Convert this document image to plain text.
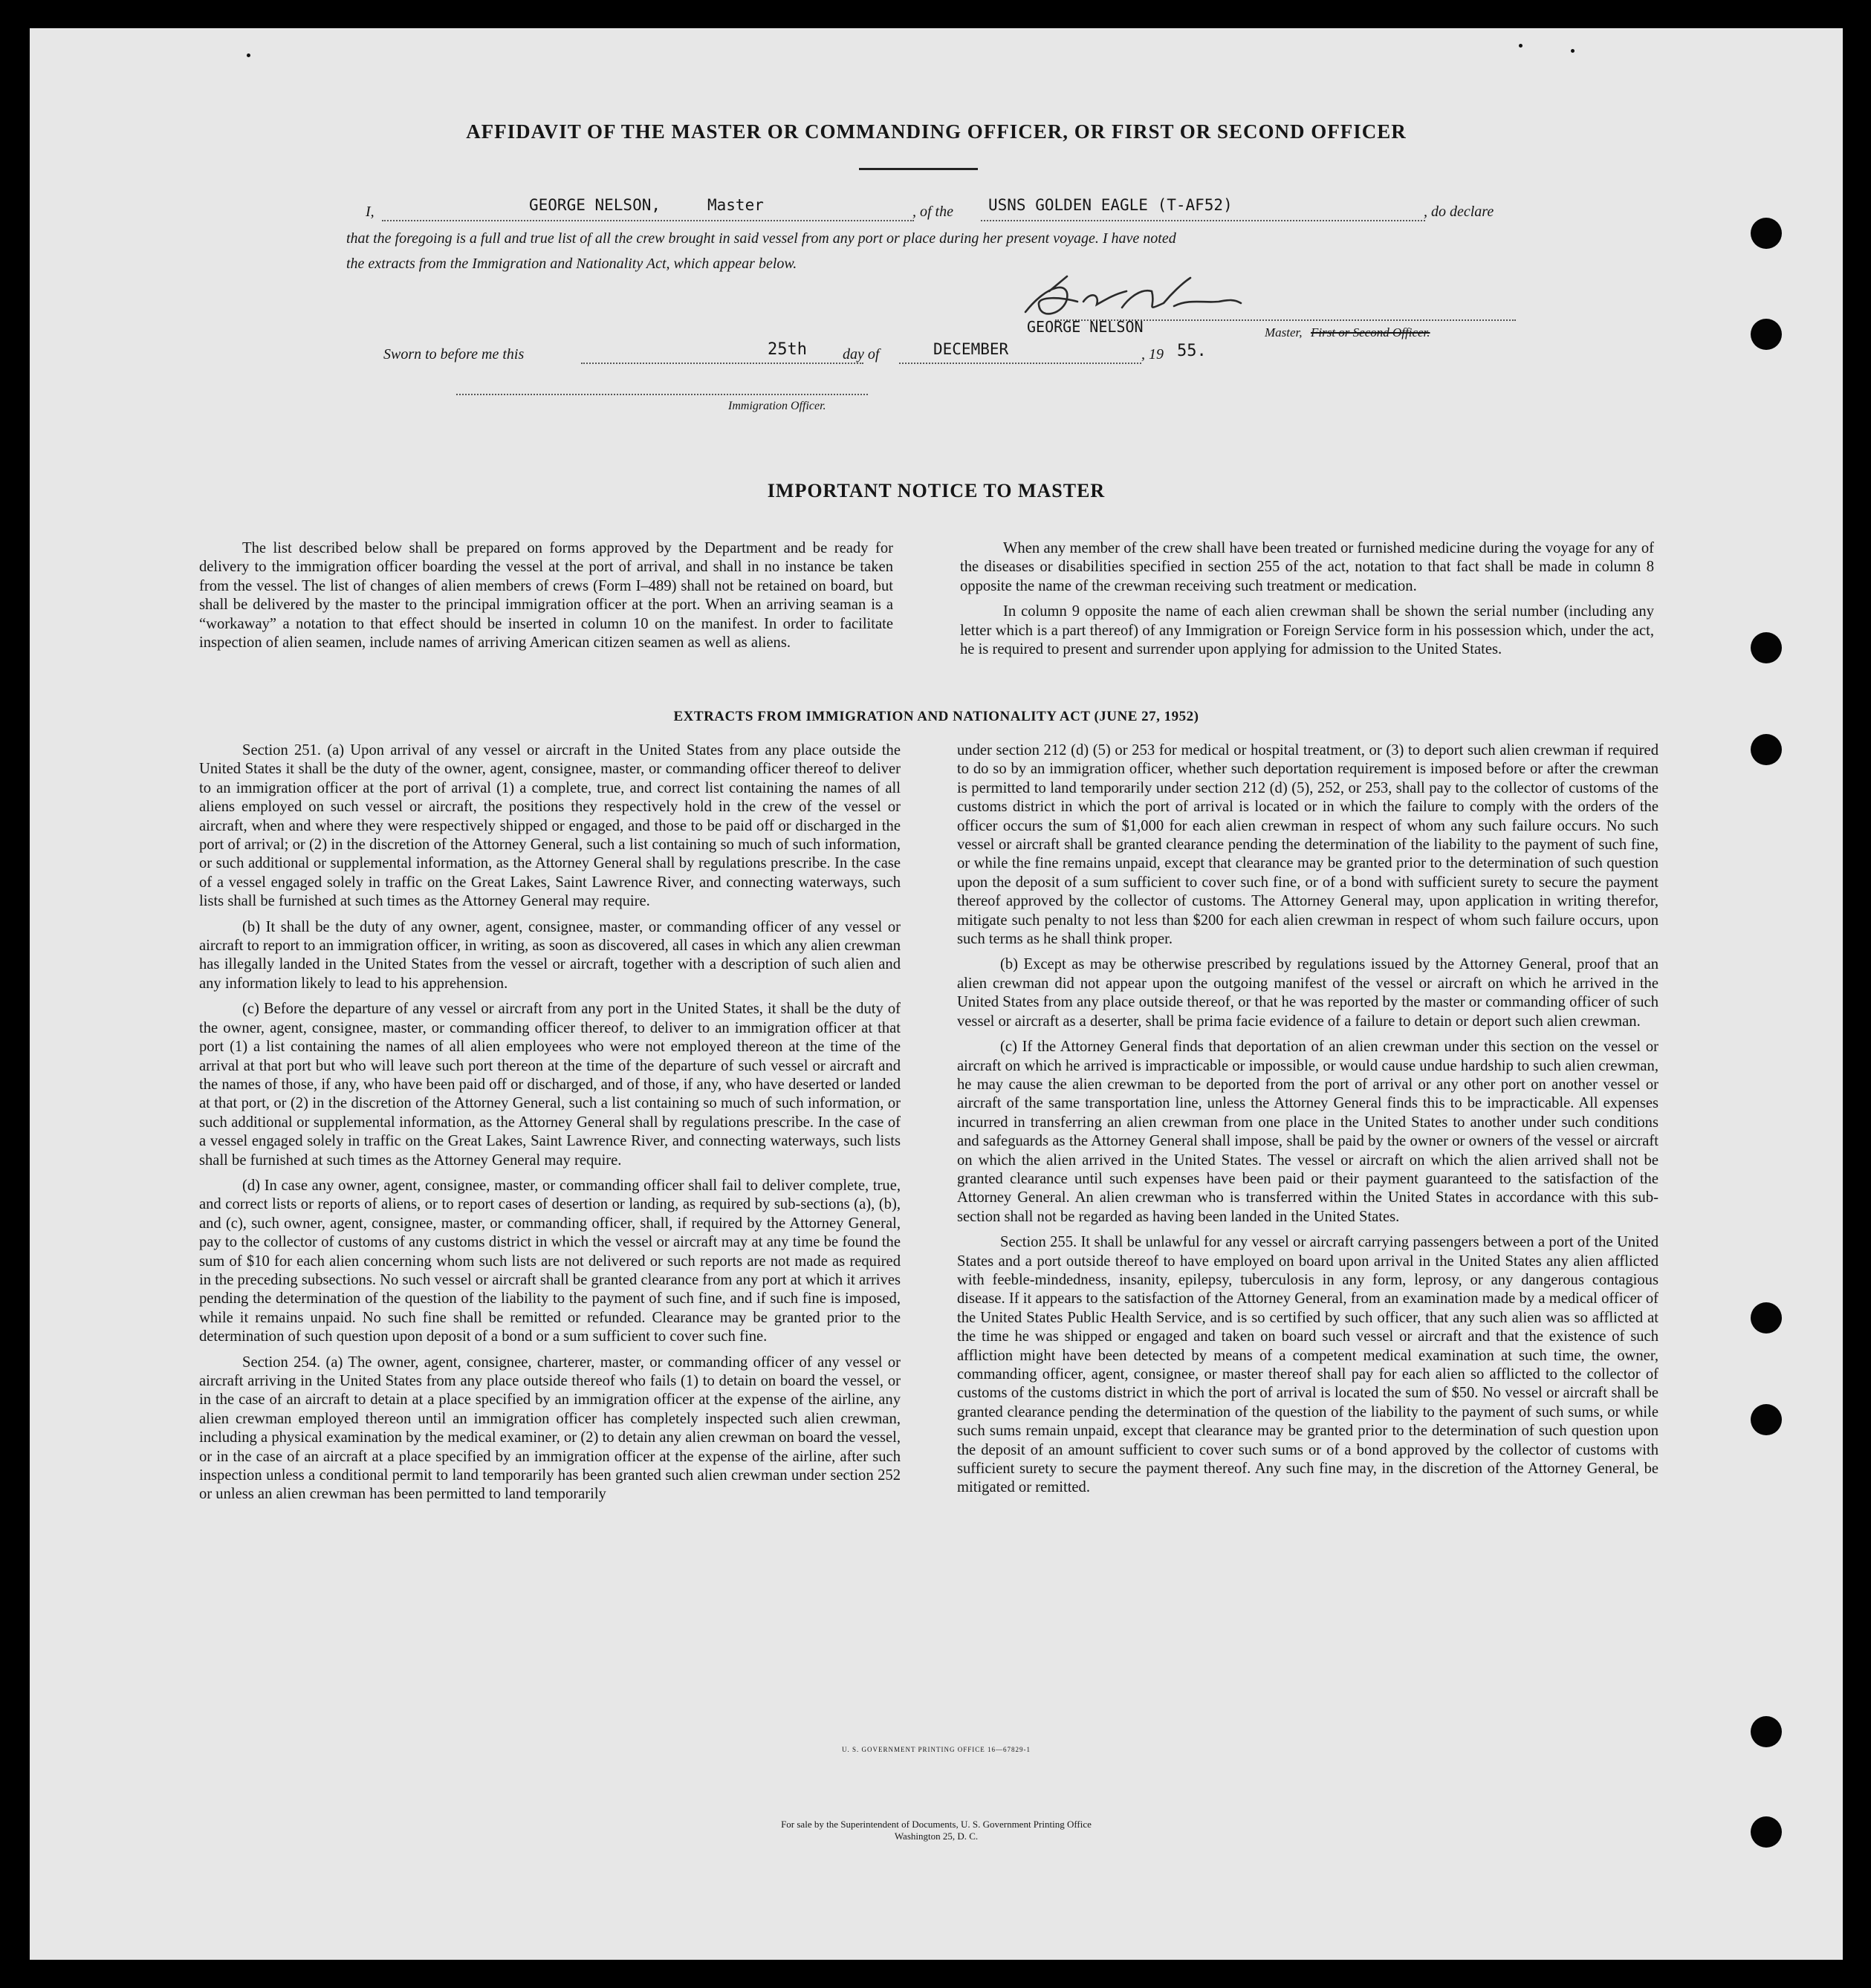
AFFIDAVIT OF THE MASTER OR COMMANDING OFFICER, OR FIRST OR SECOND OFFICER
I,	GEORGE NELSON,	Master	, of the USNS GOLDEN EAGLE (T-AF52)	, do declare
that the foregoing is a full and true list of all the crew brought in said vessel from any port or place during her present voyage. I have noted
the extracts from the Immigration and Nationality Act, which appear below.
GEORGE NELSON	Master, First or Second Officer.
Sworn to before me this	25th day of	DECEMBER	, 19 55.
Immigration Officer.
IMPORTANT NOTICE TO MASTER

The list described below shall be prepared on forms approved by the Department and be ready for delivery to the immigration officer boarding the vessel at the port of arrival, and shall in no instance be taken from the vessel. The list of changes of alien members of crews (Form I–489) shall not be retained on board, but shall be delivered by the master to the principal immigration officer at the port. When an arriving seaman is a “workaway” a notation to that effect should be inserted in column 10 on the manifest. In order to facilitate inspection of alien seamen, include names of arriving American citizen seamen as well as aliens.

When any member of the crew shall have been treated or furnished medicine during the voyage for any of the diseases or disabilities specified in section 255 of the act, notation to that fact shall be made in column 8 opposite the name of the crewman receiving such treatment or medication.

In column 9 opposite the name of each alien crewman shall be shown the serial number (including any letter which is a part thereof) of any Immigration or Foreign Service form in his possession which, under the act, he is required to present and surrender upon applying for admission to the United States.

EXTRACTS FROM IMMIGRATION AND NATIONALITY ACT (JUNE 27, 1952)

Section 251. (a) Upon arrival of any vessel or aircraft in the United States from any place outside the United States it shall be the duty of the owner, agent, consignee, master, or commanding officer thereof to deliver to an immigration officer at the port of arrival (1) a complete, true, and correct list containing the names of all aliens employed on such vessel or aircraft, the positions they respectively hold in the crew of the vessel or aircraft, when and where they were respectively shipped or engaged, and those to be paid off or discharged in the port of arrival; or (2) in the discretion of the Attorney General, such a list containing so much of such information, or such additional or supplemental information, as the Attorney General shall by regulations prescribe. In the case of a vessel engaged solely in traffic on the Great Lakes, Saint Lawrence River, and connecting waterways, such lists shall be furnished at such times as the Attorney General may require.

(b) It shall be the duty of any owner, agent, consignee, master, or commanding officer of any vessel or aircraft to report to an immigration officer, in writing, as soon as discovered, all cases in which any alien crewman has illegally landed in the United States from the vessel or aircraft, together with a description of such alien and any information likely to lead to his apprehension.

(c) Before the departure of any vessel or aircraft from any port in the United States, it shall be the duty of the owner, agent, consignee, master, or commanding officer thereof, to deliver to an immigration officer at that port (1) a list containing the names of all alien employees who were not employed thereon at the time of the arrival at that port but who will leave such port thereon at the time of the departure of such vessel or aircraft and the names of those, if any, who have been paid off or discharged, and of those, if any, who have deserted or landed at that port, or (2) in the discretion of the Attorney General, such a list containing so much of such information, or such additional or supplemental information, as the Attorney General shall by regulations prescribe. In the case of a vessel engaged solely in traffic on the Great Lakes, Saint Lawrence River, and connecting waterways, such lists shall be furnished at such times as the Attorney General may require.

(d) In case any owner, agent, consignee, master, or commanding officer shall fail to deliver complete, true, and correct lists or reports of aliens, or to report cases of desertion or landing, as required by sub-sections (a), (b), and (c), such owner, agent, consignee, master, or commanding officer, shall, if required by the Attorney General, pay to the collector of customs of any customs district in which the vessel or aircraft may at any time be found the sum of $10 for each alien concerning whom such lists are not delivered or such reports are not made as required in the preceding subsections. No such vessel or aircraft shall be granted clearance from any port at which it arrives pending the determination of the question of the liability to the payment of such fine, and if such fine is imposed, while it remains unpaid. No such fine shall be remitted or refunded. Clearance may be granted prior to the determination of such question upon deposit of a bond or a sum sufficient to cover such fine.

Section 254. (a) The owner, agent, consignee, charterer, master, or commanding officer of any vessel or aircraft arriving in the United States from any place outside thereof who fails (1) to detain on board the vessel, or in the case of an aircraft to detain at a place specified by an immigration officer at the expense of the airline, any alien crewman employed thereon until an immigration officer has completely inspected such alien crewman, including a physical examination by the medical examiner, or (2) to detain any alien crewman on board the vessel, or in the case of an aircraft at a place specified by an immigration officer at the expense of the airline, after such inspection unless a conditional permit to land temporarily has been granted such alien crewman under section 252 or unless an alien crewman has been permitted to land temporarily

under section 212 (d) (5) or 253 for medical or hospital treatment, or (3) to deport such alien crewman if required to do so by an immigration officer, whether such deportation requirement is imposed before or after the crewman is permitted to land temporarily under section 212 (d) (5), 252, or 253, shall pay to the collector of customs of the customs district in which the port of arrival is located or in which the failure to comply with the orders of the officer occurs the sum of $1,000 for each alien crewman in respect of whom any such failure occurs. No such vessel or aircraft shall be granted clearance pending the determination of the liability to the payment of such fine, or while the fine remains unpaid, except that clearance may be granted prior to the determination of such question upon the deposit of a sum sufficient to cover such fine, or of a bond with sufficient surety to secure the payment thereof approved by the collector of customs. The Attorney General may, upon application in writing therefor, mitigate such penalty to not less than $200 for each alien crewman in respect of whom such failure occurs, upon such terms as he shall think proper.

(b) Except as may be otherwise prescribed by regulations issued by the Attorney General, proof that an alien crewman did not appear upon the outgoing manifest of the vessel or aircraft on which he arrived in the United States from any place outside thereof, or that he was reported by the master or commanding officer of such vessel or aircraft as a deserter, shall be prima facie evidence of a failure to detain or deport such alien crewman.

(c) If the Attorney General finds that deportation of an alien crewman under this section on the vessel or aircraft on which he arrived is impracticable or impossible, or would cause undue hardship to such alien crewman, he may cause the alien crewman to be deported from the port of arrival or any other port on another vessel or aircraft of the same transportation line, unless the Attorney General finds this to be impracticable. All expenses incurred in transferring an alien crewman from one place in the United States to another under such conditions and safeguards as the Attorney General shall impose, shall be paid by the owner or owners of the vessel or aircraft on which the alien arrived in the United States. The vessel or aircraft on which the alien arrived shall not be granted clearance until such expenses have been paid or their payment guaranteed to the satisfaction of the Attorney General. An alien crewman who is transferred within the United States in accordance with this sub-section shall not be regarded as having been landed in the United States.

Section 255. It shall be unlawful for any vessel or aircraft carrying passengers between a port of the United States and a port outside thereof to have employed on board upon arrival in the United States any alien afflicted with feeble-mindedness, insanity, epilepsy, tuberculosis in any form, leprosy, or any dangerous contagious disease. If it appears to the satisfaction of the Attorney General, from an examination made by a medical officer of the United States Public Health Service, and is so certified by such officer, that any such alien was so afflicted at the time he was shipped or engaged and taken on board such vessel or aircraft and that the existence of such affliction might have been detected by means of a competent medical examination at such time, the owner, commanding officer, agent, consignee, or master thereof shall pay for each alien so afflicted to the collector of customs of the customs district in which the port of arrival is located the sum of $50. No vessel or aircraft shall be granted clearance pending the determination of the question of the liability to the payment of such sums, or while such sums remain unpaid, except that clearance may be granted prior to the determination of such question upon the deposit of an amount sufficient to cover such sums or of a bond approved by the collector of customs with sufficient surety to secure the payment thereof. Any such fine may, in the discretion of the Attorney General, be mitigated or remitted.

U. S. GOVERNMENT PRINTING OFFICE 16—67829-1
For sale by the Superintendent of Documents, U. S. Government Printing Office
Washington 25, D. C.
